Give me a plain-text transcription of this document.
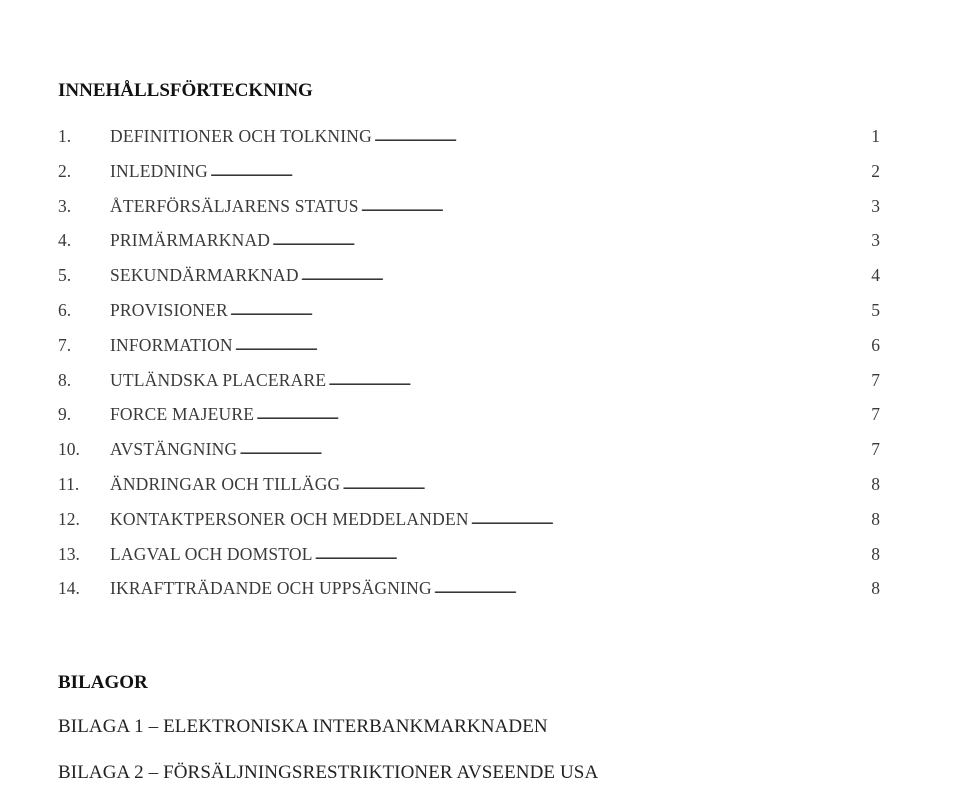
INNEHÅLLSFÖRTECKNING
1.	DEFINITIONER OCH TOLKNING . . .	1
2.	INLEDNING . . .	2
3.	ÅTERFÖRSÄLJARENS STATUS . . .	3
4.	PRIMÄRMARKNAD . . .	3
5.	SEKUNDÄRMARKNAD . . .	4
6.	PROVISIONER . . .	5
7.	INFORMATION . . .	6
8.	UTLÄNDSKA PLACERARE . . .	7
9.	FORCE MAJEURE . . .	7
10.	AVSTÄNGNING . . .	7
11.	ÄNDRINGAR OCH TILLÄGG . . .	8
12.	KONTAKTPERSONER OCH MEDDELANDEN . . .	8
13.	LAGVAL OCH DOMSTOL . . .	8
14.	IKRAFTTRÄDANDE OCH UPPSÄGNING . . .	8
BILAGOR
BILAGA 1 – ELEKTRONISKA INTERBANKMARKNADEN
BILAGA 2 – FÖRSÄLJNINGSRESTRIKTIONER AVSEENDE USA
